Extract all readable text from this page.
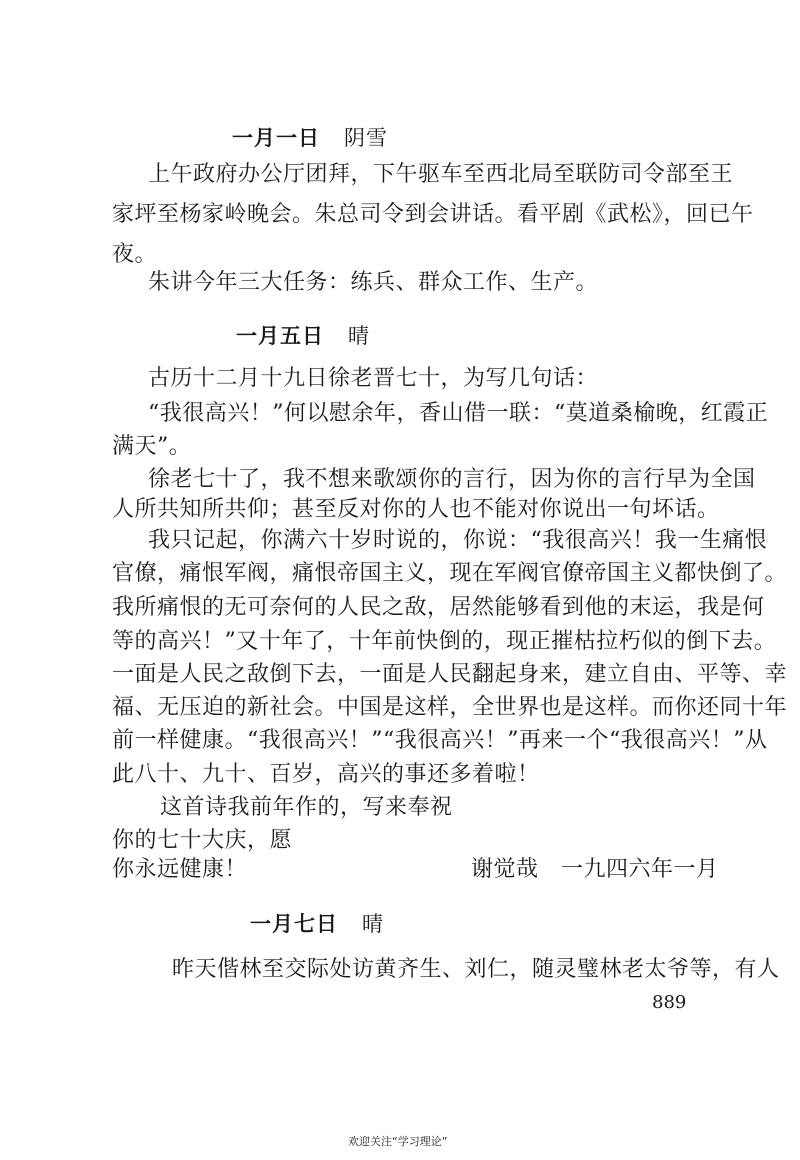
一月一日 阴雪
上午政府办公厅团拜，下午驱车至西北局至联防司令部至王
家坪至杨家岭晚会。朱总司令到会讲话。看平剧《武松》，回已午
夜。
朱讲今年三大任务：练兵、群众工作、生产。
一月五日 晴
古历十二月十九日徐老晋七十，为写几句话：
“我很高兴！”何以慰余年，香山借一联：“莫道桑榆晚，红霞正
满天”。
徐老七十了，我不想来歌颂你的言行，因为你的言行早为全国
人所共知所共仰；甚至反对你的人也不能对你说出一句坏话。
我只记起，你满六十岁时说的，你说：“我很高兴！我一生痛恨
官僚，痛恨军阀，痛恨帝国主义，现在军阀官僚帝国主义都快倒了。
我所痛恨的无可奈何的人民之敌，居然能够看到他的末运，我是何
等的高兴！”又十年了，十年前快倒的，现正摧枯拉朽似的倒下去。
一面是人民之敌倒下去，一面是人民翻起身来，建立自由、平等、幸
福、无压迫的新社会。中国是这样，全世界也是这样。而你还同十年
前一样健康。“我很高兴！”“我很高兴！”再来一个“我很高兴！”从
此八十、九十、百岁，高兴的事还多着啦！
这首诗我前年作的，写来奉祝
你的七十大庆，愿
你永远健康！	谢觉哉　一九四六年一月
一月七日 晴
昨天偕林至交际处访黄齐生、刘仁，随灵璧林老太爷等，有人
889
欢迎关注“学习理论”
